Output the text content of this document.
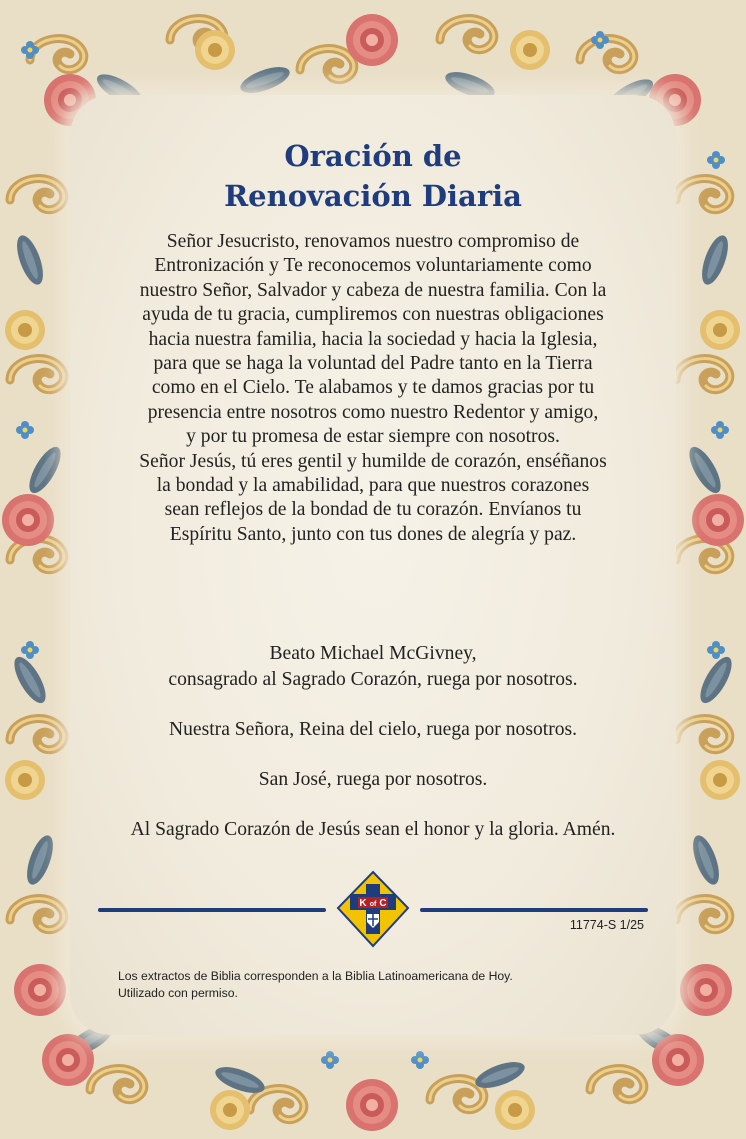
Oración de
Renovación Diaria
Señor Jesucristo, renovamos nuestro compromiso de
Entronización y Te reconocemos voluntariamente como
nuestro Señor, Salvador y cabeza de nuestra familia. Con la
ayuda de tu gracia, cumpliremos con nuestras obligaciones
hacia nuestra familia, hacia la sociedad y hacia la Iglesia,
para que se haga la voluntad del Padre tanto en la Tierra
como en el Cielo. Te alabamos y te damos gracias por tu
presencia entre nosotros como nuestro Redentor y amigo,
y por tu promesa de estar siempre con nosotros.
Señor Jesús, tú eres gentil y humilde de corazón, enséñanos
la bondad y la amabilidad, para que nuestros corazones
sean reflejos de la bondad de tu corazón. Envíanos tu
Espíritu Santo, junto con tus dones de alegría y paz.
Beato Michael McGivney,
consagrado al Sagrado Corazón, ruega por nosotros.
Nuestra Señora, Reina del cielo, ruega por nosotros.
San José, ruega por nosotros.
Al Sagrado Corazón de Jesús sean el honor y la gloria. Amén.
K of C
11774-S 1/25
Los extractos de Biblia corresponden a la Biblia Latinoamericana de Hoy.
Utilizado con permiso.
